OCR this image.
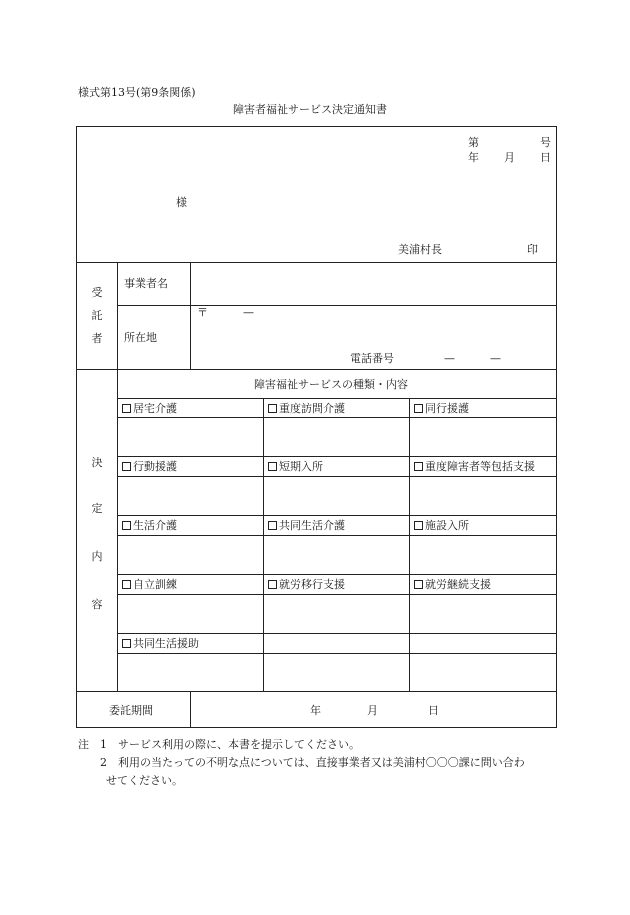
様式第13号(第9条関係)
障害者福祉サービス決定通知書
第	号
年 月 日
様
美浦村長	印
受
託
者
事業者名
所在地
〒	—
電話番号	—	—
決
定
内
容
障害福祉サービスの種類・内容
居宅介護	重度訪問介護	同行援護
行動援護	短期入所	重度障害者等包括支援
生活介護	共同生活介護	施設入所
自立訓練	就労移行支援	就労継続支援
共同生活援助
委託期間	年	月	日
注 1 サービス利用の際に、本書を提示してください。
2 利用の当たっての不明な点については、直接事業者又は美浦村〇〇〇課に問い合わ
せてください。
